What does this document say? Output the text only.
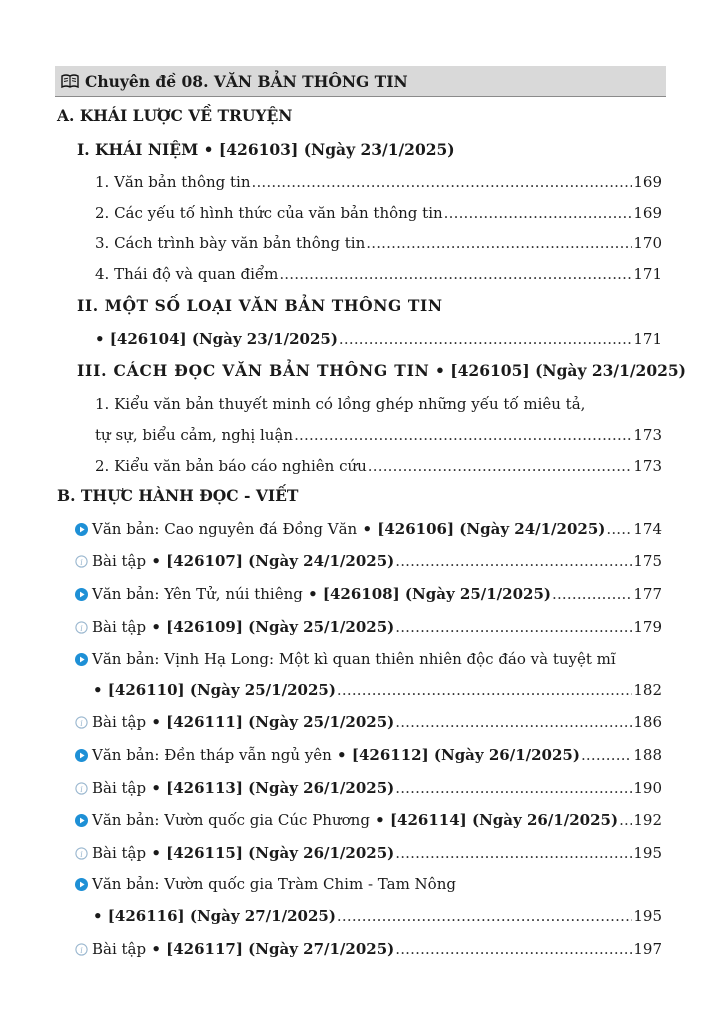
Chuyên đề 08. VĂN BẢN THÔNG TIN
A. KHÁI LƯỢC VỀ TRUYỆN
I. KHÁI NIỆM • [426103] (Ngày 23/1/2025)
1. Văn bản thông tin .....	169
2. Các yếu tố hình thức của văn bản thông tin .....	169
3. Cách trình bày văn bản thông tin .....	170
4. Thái độ và quan điểm .....	171
II. MỘT SỐ LOẠI VĂN BẢN THÔNG TIN
• [426104] (Ngày 23/1/2025) .....	171
III. CÁCH ĐỌC VĂN BẢN THÔNG TIN • [426105] (Ngày 23/1/2025)
1. Kiểu văn bản thuyết minh có lồng ghép những yếu tố miêu tả,
tự sự, biểu cảm, nghị luận .....	173
2. Kiểu văn bản báo cáo nghiên cứu .....	173
B. THỰC HÀNH ĐỌC - VIẾT
Văn bản: Cao nguyên đá Đồng Văn • [426106] (Ngày 24/1/2025) ..... 174
i Bài tập • [426107] (Ngày 24/1/2025) .....	175
Văn bản: Yên Tử, núi thiêng • [426108] (Ngày 25/1/2025) .....	177
i Bài tập • [426109] (Ngày 25/1/2025) .....	179
Văn bản: Vịnh Hạ Long: Một kì quan thiên nhiên độc đáo và tuyệt mĩ
• [426110] (Ngày 25/1/2025) .....	182
i Bài tập • [426111] (Ngày 25/1/2025) .....	186
Văn bản: Đền tháp vẫn ngủ yên • [426112] (Ngày 26/1/2025) .....	188
i Bài tập • [426113] (Ngày 26/1/2025) .....	190
Văn bản: Vườn quốc gia Cúc Phương • [426114] (Ngày 26/1/2025) ..... 192
i Bài tập • [426115] (Ngày 26/1/2025) .....	195
Văn bản: Vườn quốc gia Tràm Chim - Tam Nông
• [426116] (Ngày 27/1/2025) .....	195
i Bài tập • [426117] (Ngày 27/1/2025) .....	197
